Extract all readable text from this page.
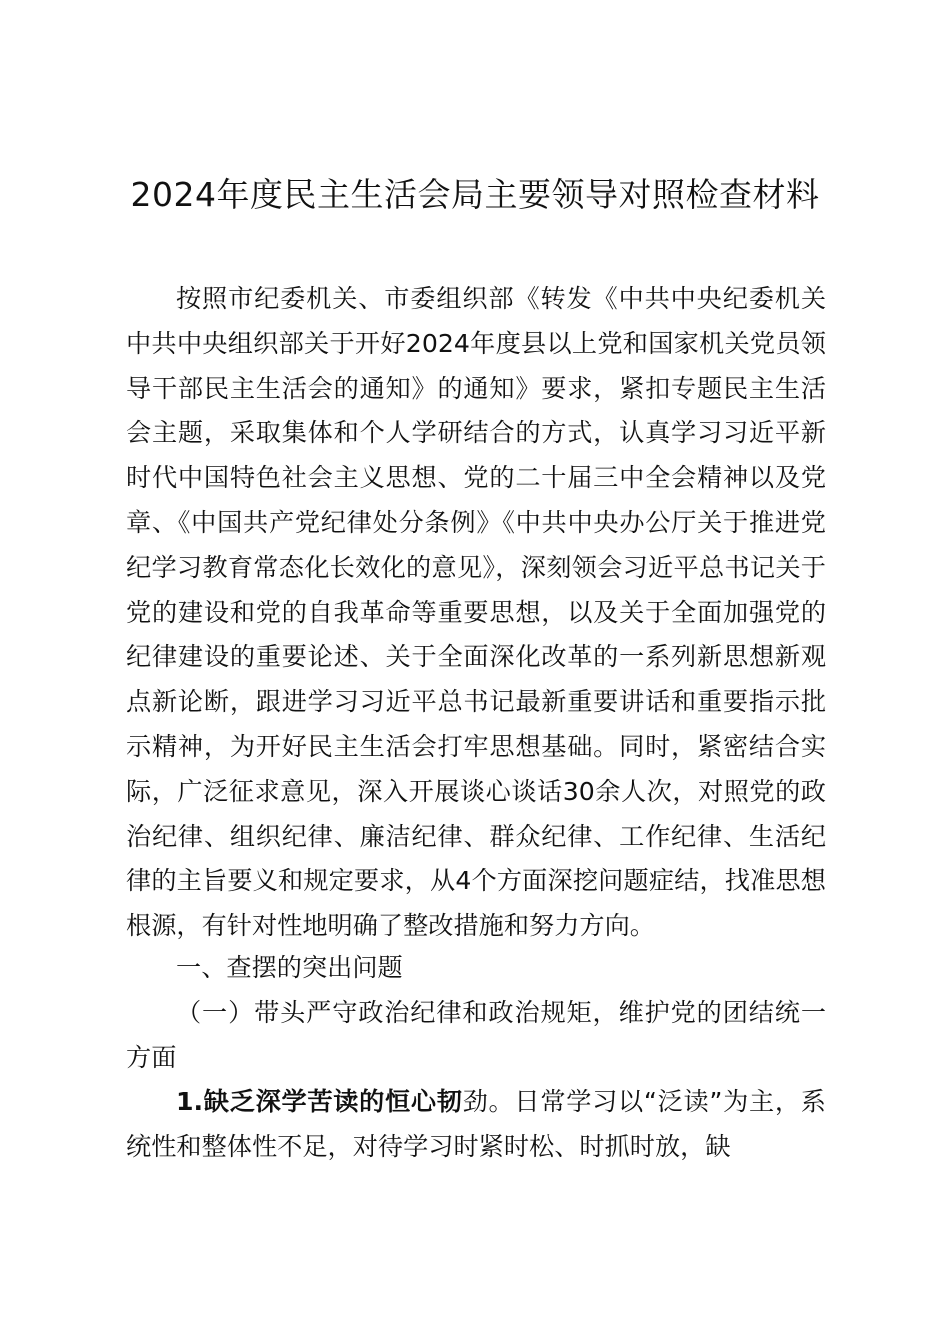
2024年度民主生活会局主要领导对照检查材料

按照市纪委机关、市委组织部《转发《中共中央纪委机关 中共中央组织部关于开好2024年度县以上党和国家机关党员领导干部民主生活会的通知》的通知》要求，紧扣专题民主生活会主题，采取集体和个人学研结合的方式，认真学习习近平新时代中国特色社会主义思想、党的二十届三中全会精神以及党章、《中国共产党纪律处分条例》《中共中央办公厅关于推进党纪学习教育常态化长效化的意见》，深刻领会习近平总书记关于党的建设和党的自我革命等重要思想，以及关于全面加强党的纪律建设的重要论述、关于全面深化改革的一系列新思想新观点新论断，跟进学习习近平总书记最新重要讲话和重要指示批示精神，为开好民主生活会打牢思想基础。同时，紧密结合实际，广泛征求意见，深入开展谈心谈话30余人次，对照党的政治纪律、组织纪律、廉洁纪律、群众纪律、工作纪律、生活纪律的主旨要义和规定要求，从4个方面深挖问题症结，找准思想根源，有针对性地明确了整改措施和努力方向。

一、查摆的突出问题

（一）带头严守政治纪律和政治规矩，维护党的团结统一方面

1.缺乏深学苦读的恒心韧劲。日常学习以“泛读”为主，系统性和整体性不足，对待学习时紧时松、时抓时放，缺
